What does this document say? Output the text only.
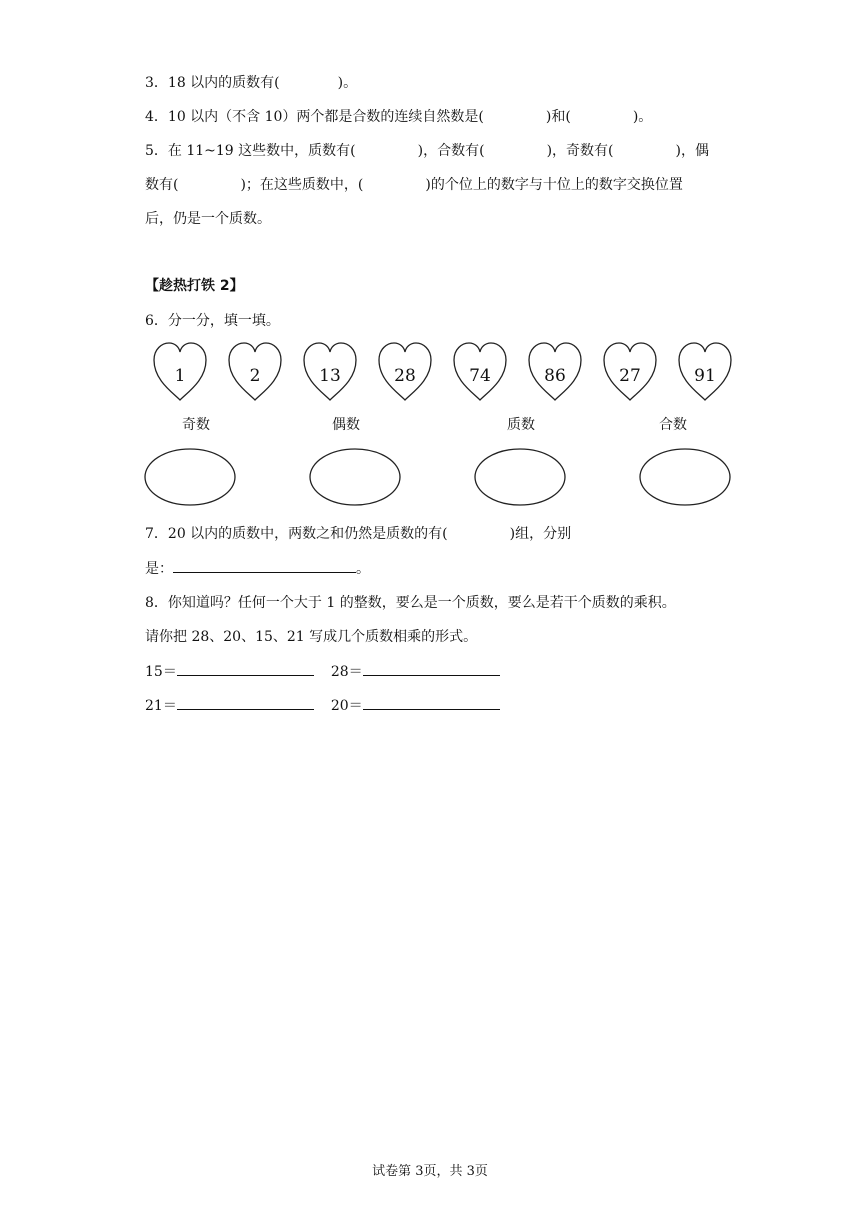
3．18 以内的质数有(	)。
4．10 以内（不含 10）两个都是合数的连续自然数是(	)和(	)。
5．在 11~19 这些数中，质数有(	)，合数有(	)，奇数有(	)，偶
数有(	)；在这些质数中，(	)的个位上的数字与十位上的数字交换位置
后，仍是一个质数。
【趁热打铁 2】
6．分一分，填一填。
1	2	13	28	74	86	27	91
奇数	偶数	质数	合数
7．20 以内的质数中，两数之和仍然是质数的有(	)组，分别
是：	。
8．你知道吗？任何一个大于 1 的整数，要么是一个质数，要么是若干个质数的乘积。
请你把 28、20、15、21 写成几个质数相乘的形式。
15＝	28＝
21＝	20＝
试卷第 3页，共 3页
